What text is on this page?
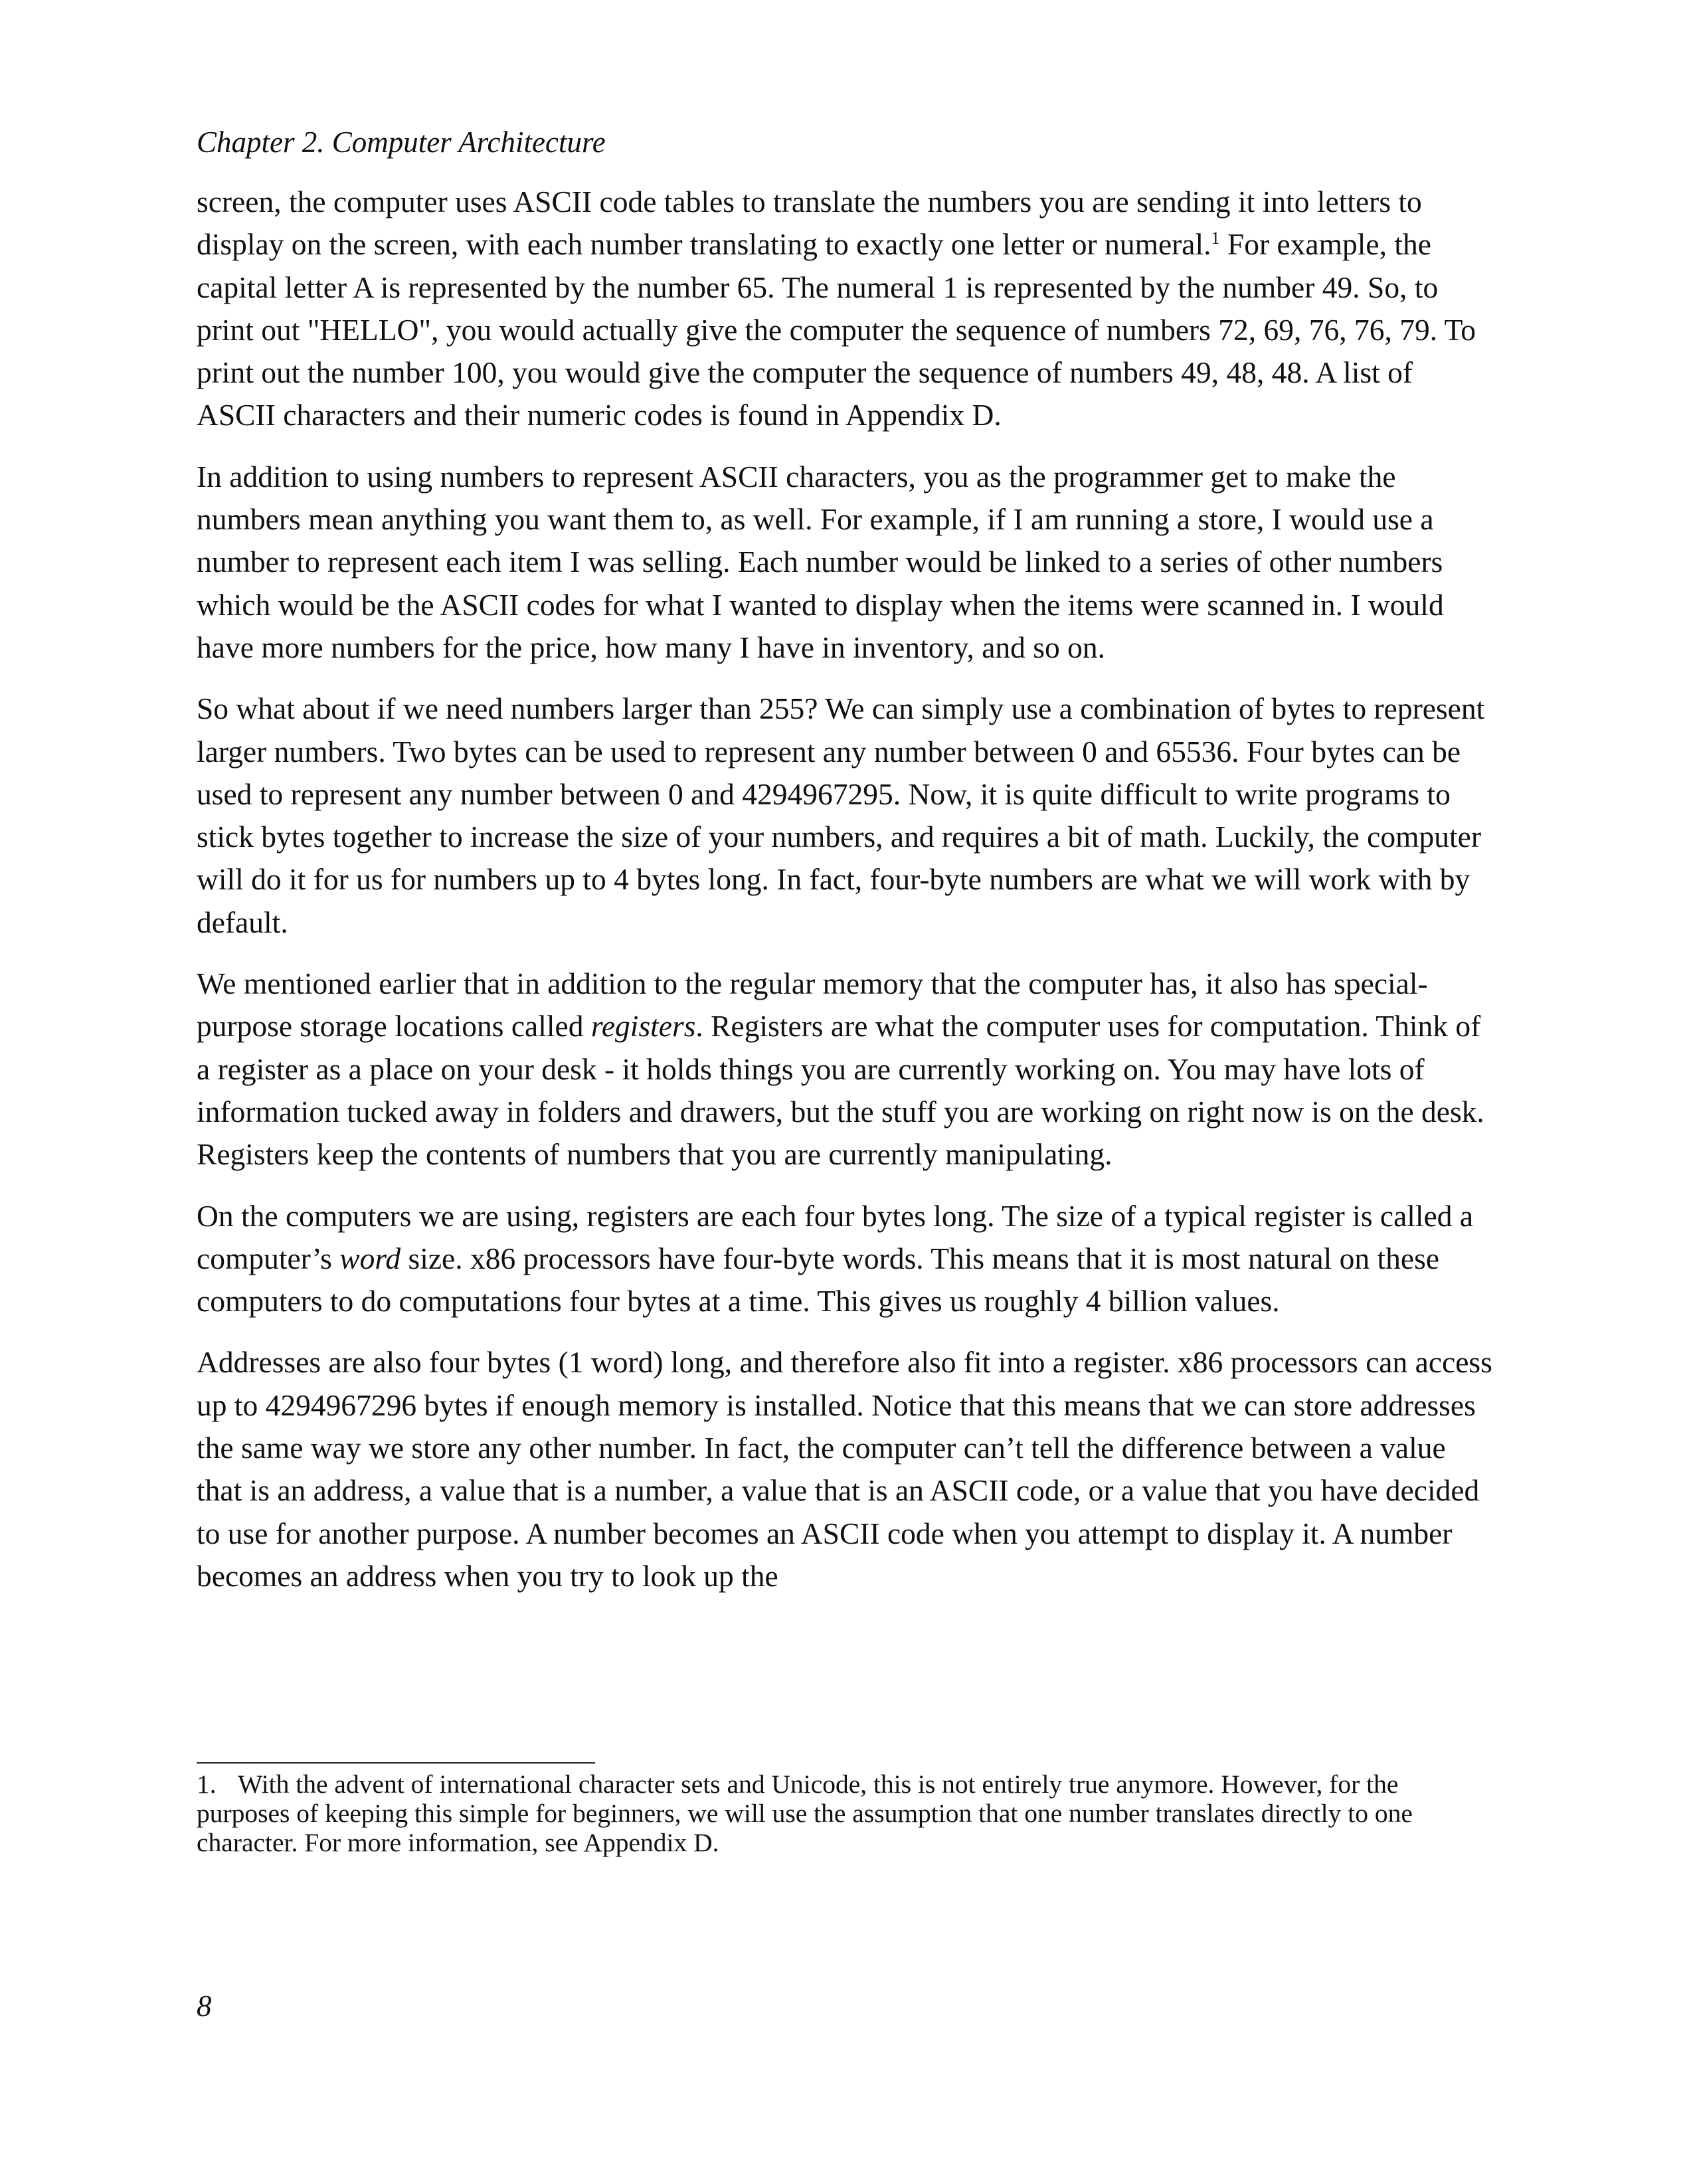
Chapter 2. Computer Architecture

screen, the computer uses ASCII code tables to translate the numbers you are sending it into letters to display on the screen, with each number translating to exactly one letter or numeral.$^1$ For example, the capital letter A is represented by the number 65. The numeral 1 is represented by the number 49. So, to print out "HELLO", you would actually give the computer the sequence of numbers 72, 69, 76, 76, 79. To print out the number 100, you would give the computer the sequence of numbers 49, 48, 48. A list of ASCII characters and their numeric codes is found in Appendix D.

In addition to using numbers to represent ASCII characters, you as the programmer get to make the numbers mean anything you want them to, as well. For example, if I am running a store, I would use a number to represent each item I was selling. Each number would be linked to a series of other numbers which would be the ASCII codes for what I wanted to display when the items were scanned in. I would have more numbers for the price, how many I have in inventory, and so on.

So what about if we need numbers larger than 255? We can simply use a combination of bytes to represent larger numbers. Two bytes can be used to represent any number between 0 and 65536. Four bytes can be used to represent any number between 0 and 4294967295. Now, it is quite difficult to write programs to stick bytes together to increase the size of your numbers, and requires a bit of math. Luckily, the computer will do it for us for numbers up to 4 bytes long. In fact, four-byte numbers are what we will work with by default.

We mentioned earlier that in addition to the regular memory that the computer has, it also has special-purpose storage locations called registers. Registers are what the computer uses for computation. Think of a register as a place on your desk - it holds things you are currently working on. You may have lots of information tucked away in folders and drawers, but the stuff you are working on right now is on the desk. Registers keep the contents of numbers that you are currently manipulating.

On the computers we are using, registers are each four bytes long. The size of a typical register is called a computer’s word size. x86 processors have four-byte words. This means that it is most natural on these computers to do computations four bytes at a time. This gives us roughly 4 billion values.

Addresses are also four bytes (1 word) long, and therefore also fit into a register. x86 processors can access up to 4294967296 bytes if enough memory is installed. Notice that this means that we can store addresses the same way we store any other number. In fact, the computer can’t tell the difference between a value that is an address, a value that is a number, a value that is an ASCII code, or a value that you have decided to use for another purpose. A number becomes an ASCII code when you attempt to display it. A number becomes an address when you try to look up the

1. With the advent of international character sets and Unicode, this is not entirely true anymore. However, for the purposes of keeping this simple for beginners, we will use the assumption that one number translates directly to one character. For more information, see Appendix D.
8
